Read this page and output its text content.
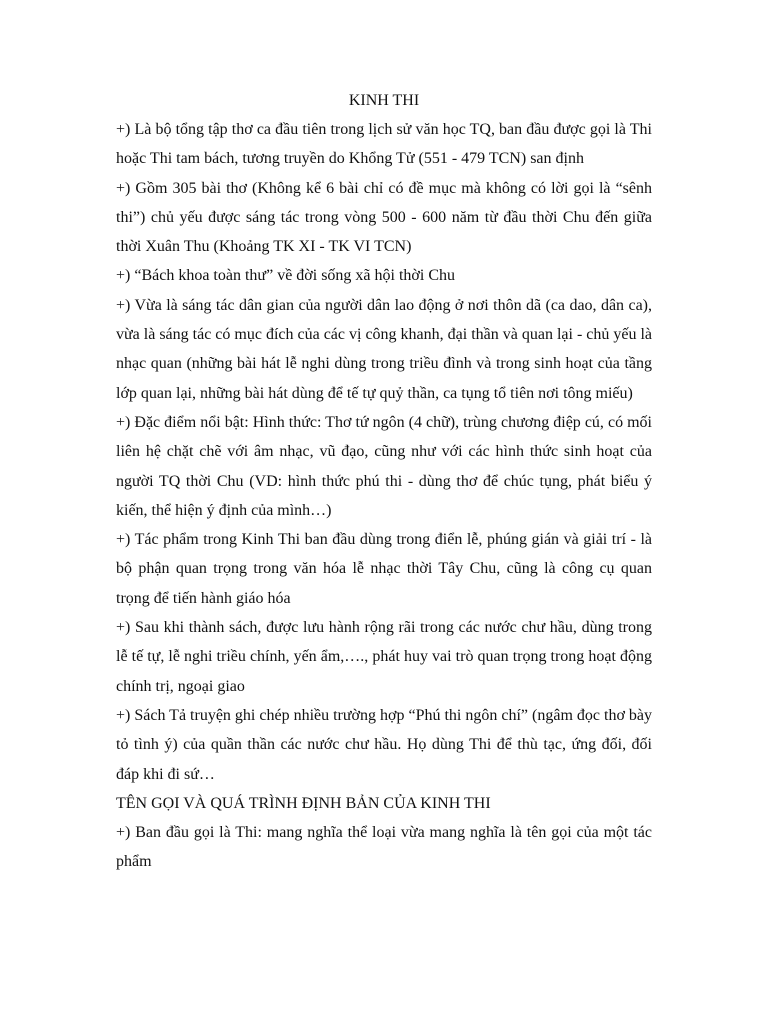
KINH THI

+) Là bộ tổng tập thơ ca đầu tiên trong lịch sử văn học TQ, ban đầu được gọi là Thi hoặc Thi tam bách, tương truyền do Khổng Tử (551 - 479 TCN) san định

+) Gồm 305 bài thơ (Không kể 6 bài chỉ có đề mục mà không có lời gọi là “sênh thi”) chủ yếu được sáng tác trong vòng 500 - 600 năm từ đầu thời Chu đến giữa thời Xuân Thu (Khoảng TK XI - TK VI TCN)

+) “Bách khoa toàn thư” về đời sống xã hội thời Chu

+) Vừa là sáng tác dân gian của người dân lao động ở nơi thôn dã (ca dao, dân ca), vừa là sáng tác có mục đích của các vị công khanh, đại thần và quan lại - chủ yếu là nhạc quan (những bài hát lễ nghi dùng trong triều đình và trong sinh hoạt của tầng lớp quan lại, những bài hát dùng để tế tự quỷ thần, ca tụng tổ tiên nơi tông miếu)

+) Đặc điểm nổi bật: Hình thức: Thơ tứ ngôn (4 chữ), trùng chương điệp cú, có mối liên hệ chặt chẽ với âm nhạc, vũ đạo, cũng như với các hình thức sinh hoạt của người TQ thời Chu (VD: hình thức phú thi - dùng thơ để chúc tụng, phát biểu ý kiến, thể hiện ý định của mình…)

+) Tác phẩm trong Kinh Thi ban đầu dùng trong điển lễ, phúng gián và giải trí - là bộ phận quan trọng trong văn hóa lễ nhạc thời Tây Chu, cũng là công cụ quan trọng để tiến hành giáo hóa

+) Sau khi thành sách, được lưu hành rộng rãi trong các nước chư hầu, dùng trong lễ tế tự, lễ nghi triều chính, yến ẩm,…., phát huy vai trò quan trọng trong hoạt động chính trị, ngoại giao

+) Sách Tả truyện ghi chép nhiều trường hợp “Phú thi ngôn chí” (ngâm đọc thơ bày tỏ tình ý) của quần thần các nước chư hầu. Họ dùng Thi để thù tạc, ứng đối, đối đáp khi đi sứ…

TÊN GỌI VÀ QUÁ TRÌNH ĐỊNH BẢN CỦA KINH THI

+) Ban đầu gọi là Thi: mang nghĩa thể loại vừa mang nghĩa là tên gọi của một tác phẩm
